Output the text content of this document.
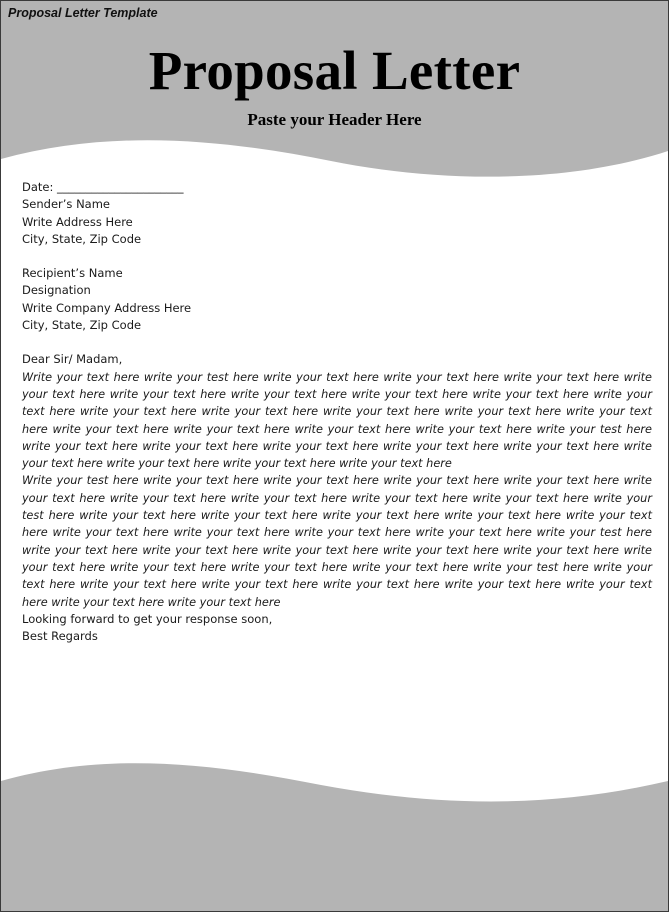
Proposal Letter Template

Proposal Letter
Paste your Header Here

Date: ______________________

Sender’s Name

Write Address Here

City, State, Zip Code

Recipient’s Name

Designation

Write Company Address Here

City, State, Zip Code

Dear Sir/ Madam,

Write your text here write your test here write your text here write your text here write your text here write your text here write your text here write your text here write your text here write your text here write your text here write your text here write your text here write your text here write your text here write your text here write your text here write your text here write your text here write your text here write your test here write your text here write your text here write your text here write your text here write your text here write your text here write your text here write your text here write your text here

Write your test here write your text here write your text here write your text here write your text here write your text here write your text here write your text here write your text here write your text here write your test here write your text here write your text here write your text here write your text here write your text here write your text here write your text here write your text here write your text here write your test here write your text here write your text here write your text here write your text here write your text here write your text here write your text here write your text here write your text here write your test here write your text here write your text here write your text here write your text here write your text here write your text here write your text here write your text here

Looking forward to get your response soon,

Best Regards
